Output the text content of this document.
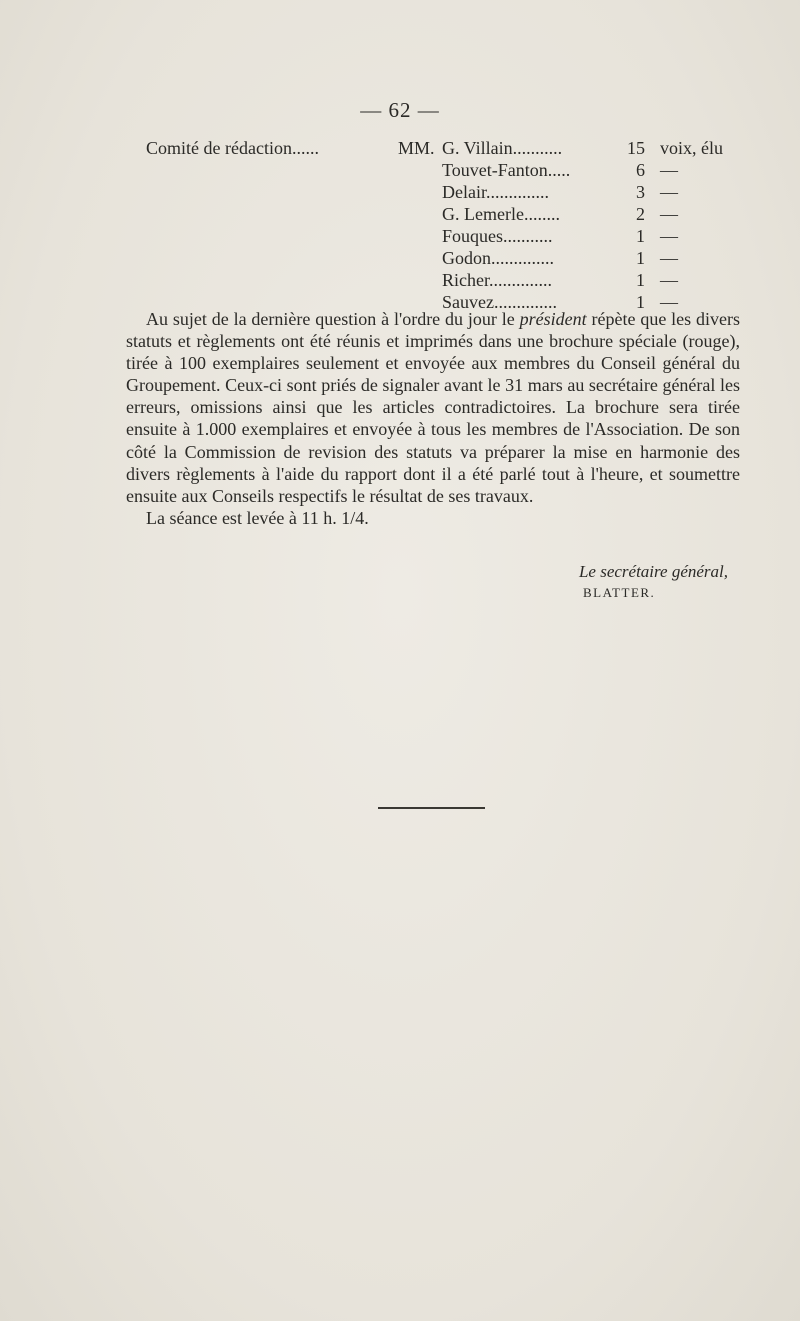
— 62 —
Comité de rédaction......	MM. G. Villain...........	15 voix, élu
Touvet-Fanton.....	6 —
Delair..............	3 —
G. Lemerle........	2 —
Fouques...........	1 —
Godon..............	1 —
Richer..............	1 —
Sauvez..............	1 —

Au sujet de la dernière question à l'ordre du jour le président répète que les divers statuts et règlements ont été réunis et imprimés dans une brochure spéciale (rouge), tirée à 100 exemplaires seulement et envoyée aux membres du Conseil général du Groupement. Ceux-ci sont priés de signaler avant le 31 mars au secrétaire général les erreurs, omissions ainsi que les articles contradictoires. La brochure sera tirée ensuite à 1.000 exemplaires et envoyée à tous les membres de l'Association. De son côté la Commission de revision des statuts va préparer la mise en harmonie des divers règlements à l'aide du rapport dont il a été parlé tout à l'heure, et soumettre ensuite aux Conseils respectifs le résultat de ses travaux.

La séance est levée à 11 h. 1/4.

Le secrétaire général,
BLATTER.
